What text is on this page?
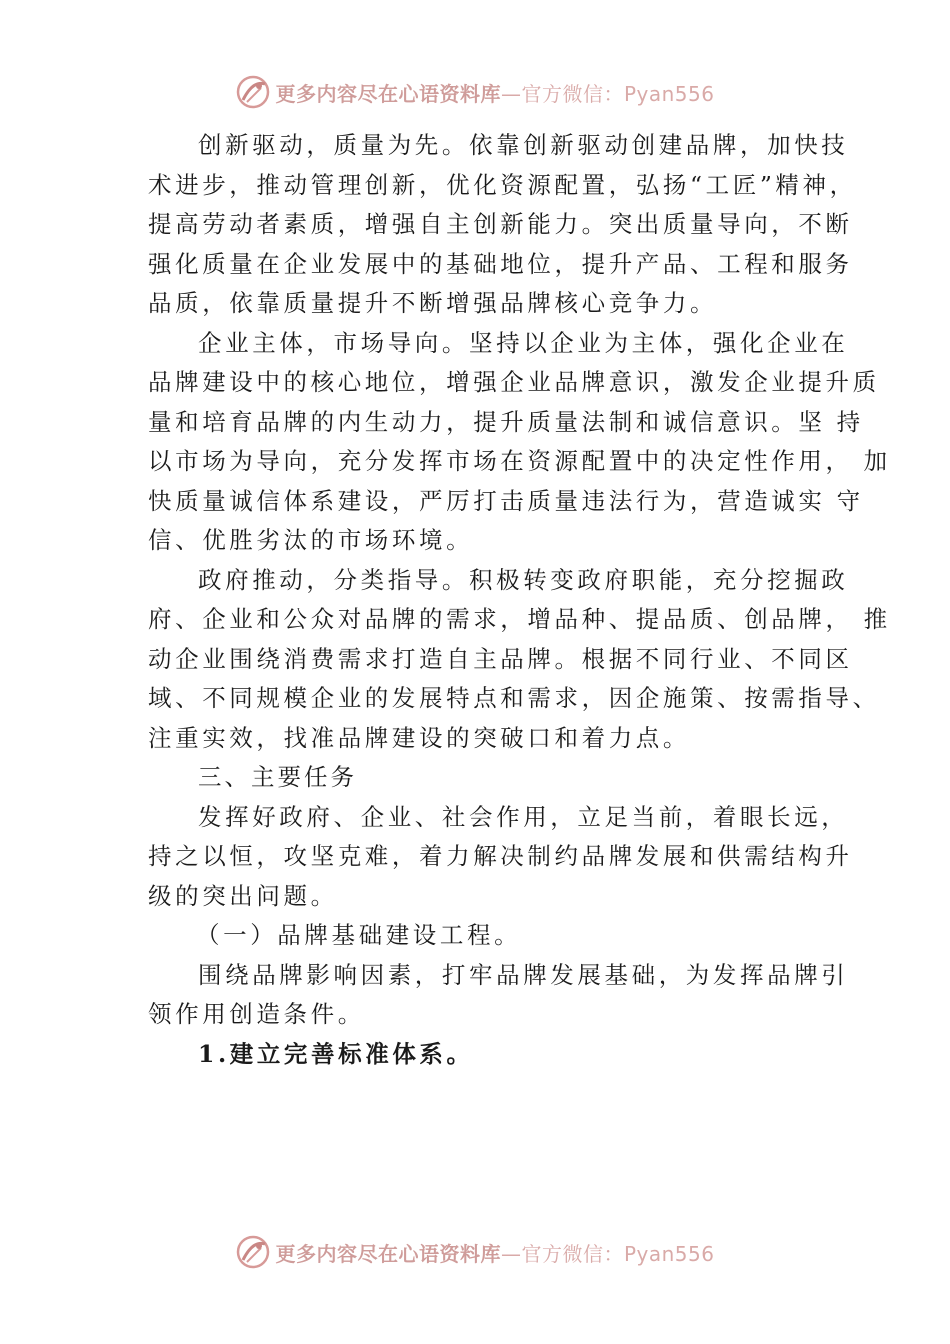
更多内容尽在心语资料库—官方微信：Pyan556

创新驱动，质量为先。依靠创新驱动创建品牌，加快技
术进步，推动管理创新，优化资源配置，弘扬“工匠”精神，
提高劳动者素质，增强自主创新能力。突出质量导向，不断
强化质量在企业发展中的基础地位，提升产品、工程和服务
品质，依靠质量提升不断增强品牌核心竞争力。

企业主体，市场导向。坚持以企业为主体，强化企业在
品牌建设中的核心地位，增强企业品牌意识，激发企业提升质
量和培育品牌的内生动力，提升质量法制和诚信意识。坚 持
以市场为导向，充分发挥市场在资源配置中的决定性作用， 加
快质量诚信体系建设，严厉打击质量违法行为，营造诚实 守
信、优胜劣汰的市场环境。

政府推动，分类指导。积极转变政府职能，充分挖掘政
府、企业和公众对品牌的需求，增品种、提品质、创品牌， 推
动企业围绕消费需求打造自主品牌。根据不同行业、不同区
域、不同规模企业的发展特点和需求，因企施策、按需指导、
注重实效，找准品牌建设的突破口和着力点。

三、主要任务

发挥好政府、企业、社会作用，立足当前，着眼长远，
持之以恒，攻坚克难，着力解决制约品牌发展和供需结构升
级的突出问题。

（一）品牌基础建设工程。

围绕品牌影响因素，打牢品牌发展基础，为发挥品牌引
领作用创造条件。

1.建立完善标准体系。

更多内容尽在心语资料库—官方微信：Pyan556
